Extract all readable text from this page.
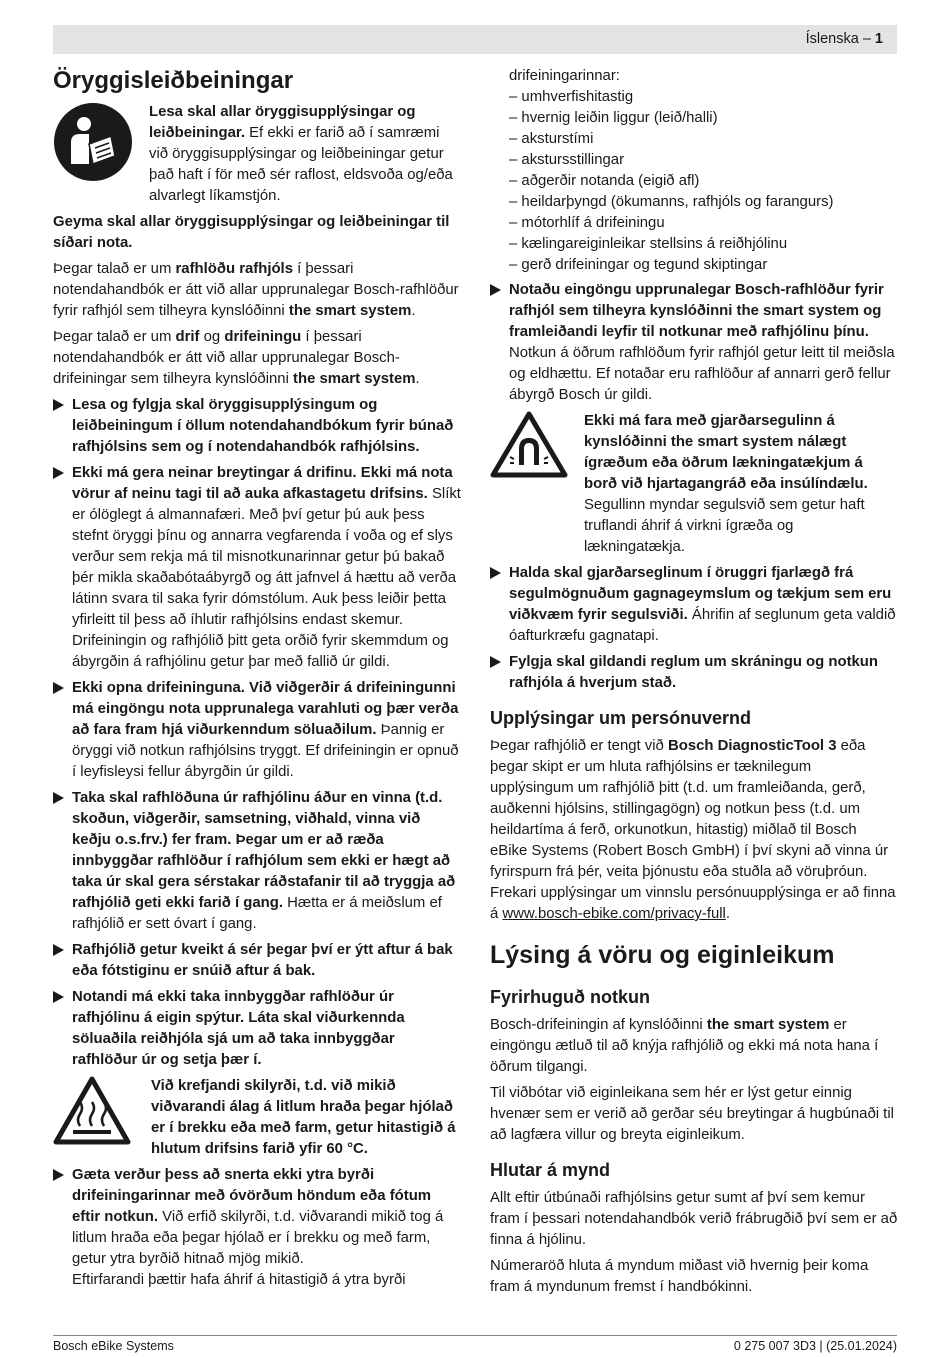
Íslenska – 1
Öryggisleiðbeiningar
Lesa skal allar öryggisupplýsingar og leiðbeiningar. Ef ekki er farið að í samræmi við öryggisupplýsingar og leiðbeiningar getur það haft í för með sér raflost, eldsvoða og/eða alvarlegt líkamstjón.

Geyma skal allar öryggisupplýsingar og leiðbeiningar til síðari nota.

Þegar talað er um rafhlöðu rafhjóls í þessari notendahandbók er átt við allar upprunalegar Bosch-rafhlöður fyrir rafhjól sem tilheyra kynslóðinni the smart system.

Þegar talað er um drif og drifeiningu í þessari notendahandbók er átt við allar upprunalegar Bosch-drifeiningar sem tilheyra kynslóðinni the smart system.

Lesa og fylgja skal öryggisupplýsingum og leiðbeiningum í öllum notendahandbókum fyrir búnað rafhjólsins sem og í notendahandbók rafhjólsins.
Ekki má gera neinar breytingar á drifinu. Ekki má nota vörur af neinu tagi til að auka afkastagetu drifsins. Slíkt er ólöglegt á almannafæri. Með því getur þú auk þess stefnt öryggi þínu og annarra vegfarenda í voða og ef slys verður sem rekja má til misnotkunarinnar getur þú bakað þér mikla skaðabótaábyrgð og átt jafnvel á hættu að verða látinn svara til saka fyrir dómstólum. Auk þess leiðir þetta yfirleitt til þess að íhlutir rafhjólsins endast skemur. Drifeiningin og rafhjólið þitt geta orðið fyrir skemmdum og ábyrgðin á rafhjólinu getur þar með fallið úr gildi.
Ekki opna drifeininguna. Við viðgerðir á drifeiningunni má eingöngu nota upprunalega varahluti og þær verða að fara fram hjá viðurkenndum söluaðilum. Þannig er öryggi við notkun rafhjólsins tryggt. Ef drifeiningin er opnuð í leyfisleysi fellur ábyrgðin úr gildi.
Taka skal rafhlöðuna úr rafhjólinu áður en vinna (t.d. skoðun, viðgerðir, samsetning, viðhald, vinna við keðju o.s.frv.) fer fram. Þegar um er að ræða innbyggðar rafhlöður í rafhjólum sem ekki er hægt að taka úr skal gera sérstakar ráðstafanir til að tryggja að rafhjólið geti ekki farið í gang. Hætta er á meiðslum ef rafhjólið er sett óvart í gang.
Rafhjólið getur kveikt á sér þegar því er ýtt aftur á bak eða fótstiginu er snúið aftur á bak.
Notandi má ekki taka innbyggðar rafhlöður úr rafhjólinu á eigin spýtur. Láta skal viðurkennda söluaðila reiðhjóla sjá um að taka innbyggðar rafhlöður úr og setja þær í.
Við krefjandi skilyrði, t.d. við mikið viðvarandi álag á litlum hraða þegar hjólað er í brekku eða með farm, getur hitastigið á hlutum drifsins farið yfir 60 °C.
Gæta verður þess að snerta ekki ytra byrði drifeiningarinnar með óvörðum höndum eða fótum eftir notkun. Við erfið skilyrði, t.d. viðvarandi mikið tog á litlum hraða eða þegar hjólað er í brekku og með farm, getur ytra byrðið hitnað mjög mikið.
Eftirfarandi þættir hafa áhrif á hitastigið á ytra byrði
drifeiningarinnar:
– umhverfishitastig
– hvernig leiðin liggur (leið/halli)
– aksturstími
– akstursstillingar
– aðgerðir notanda (eigið afl)
– heildarþyngd (ökumanns, rafhjóls og farangurs)
– mótorhlíf á drifeiningu
– kælingareiginleikar stellsins á reiðhjólinu
– gerð drifeiningar og tegund skiptingar
Notaðu eingöngu upprunalegar Bosch-rafhlöður fyrir rafhjól sem tilheyra kynslóðinni the smart system og framleiðandi leyfir til notkunar með rafhjólinu þínu. Notkun á öðrum rafhlöðum fyrir rafhjól getur leitt til meiðsla og eldhættu. Ef notaðar eru rafhlöður af annarri gerð fellur ábyrgð Bosch úr gildi.
Ekki má fara með gjarðarsegulinn á kynslóðinni the smart system nálægt ígræðum eða öðrum lækningatækjum á borð við hjartagangráð eða insúlíndælu. Segullinn myndar segulsvið sem getur haft truflandi áhrif á virkni ígræða og lækningatækja.
Halda skal gjarðarseglinum í öruggri fjarlægð frá segulmögnuðum gagnageymslum og tækjum sem eru viðkvæm fyrir segulsviði. Áhrifin af seglunum geta valdið óafturkræfu gagnatapi.
Fylgja skal gildandi reglum um skráningu og notkun rafhjóla á hverjum stað.
Upplýsingar um persónuvernd

Þegar rafhjólið er tengt við Bosch DiagnosticTool 3 eða þegar skipt er um hluta rafhjólsins er tæknilegum upplýsingum um rafhjólið þitt (t.d. um framleiðanda, gerð, auðkenni hjólsins, stillingagögn) og notkun þess (t.d. um heildartíma á ferð, orkunotkun, hitastig) miðlað til Bosch eBike Systems (Robert Bosch GmbH) í því skyni að vinna úr fyrirspurn frá þér, veita þjónustu eða stuðla að vöruþróun. Frekari upplýsingar um vinnslu persónuupplýsinga er að finna á www.bosch-ebike.com/privacy-full.

Lýsing á vöru og eiginleikum
Fyrirhuguð notkun

Bosch-drifeiningin af kynslóðinni the smart system er eingöngu ætluð til að knýja rafhjólið og ekki má nota hana í öðrum tilgangi.

Til viðbótar við eiginleikana sem hér er lýst getur einnig hvenær sem er verið að gerðar séu breytingar á hugbúnaði til að lagfæra villur og breyta eiginleikum.

Hlutar á mynd

Allt eftir útbúnaði rafhjólsins getur sumt af því sem kemur fram í þessari notendahandbók verið frábrugðið því sem er að finna á hjólinu.

Númeraröð hluta á myndum miðast við hvernig þeir koma fram á myndunum fremst í handbókinni.

Bosch eBike Systems	0 275 007 3D3 | (25.01.2024)
